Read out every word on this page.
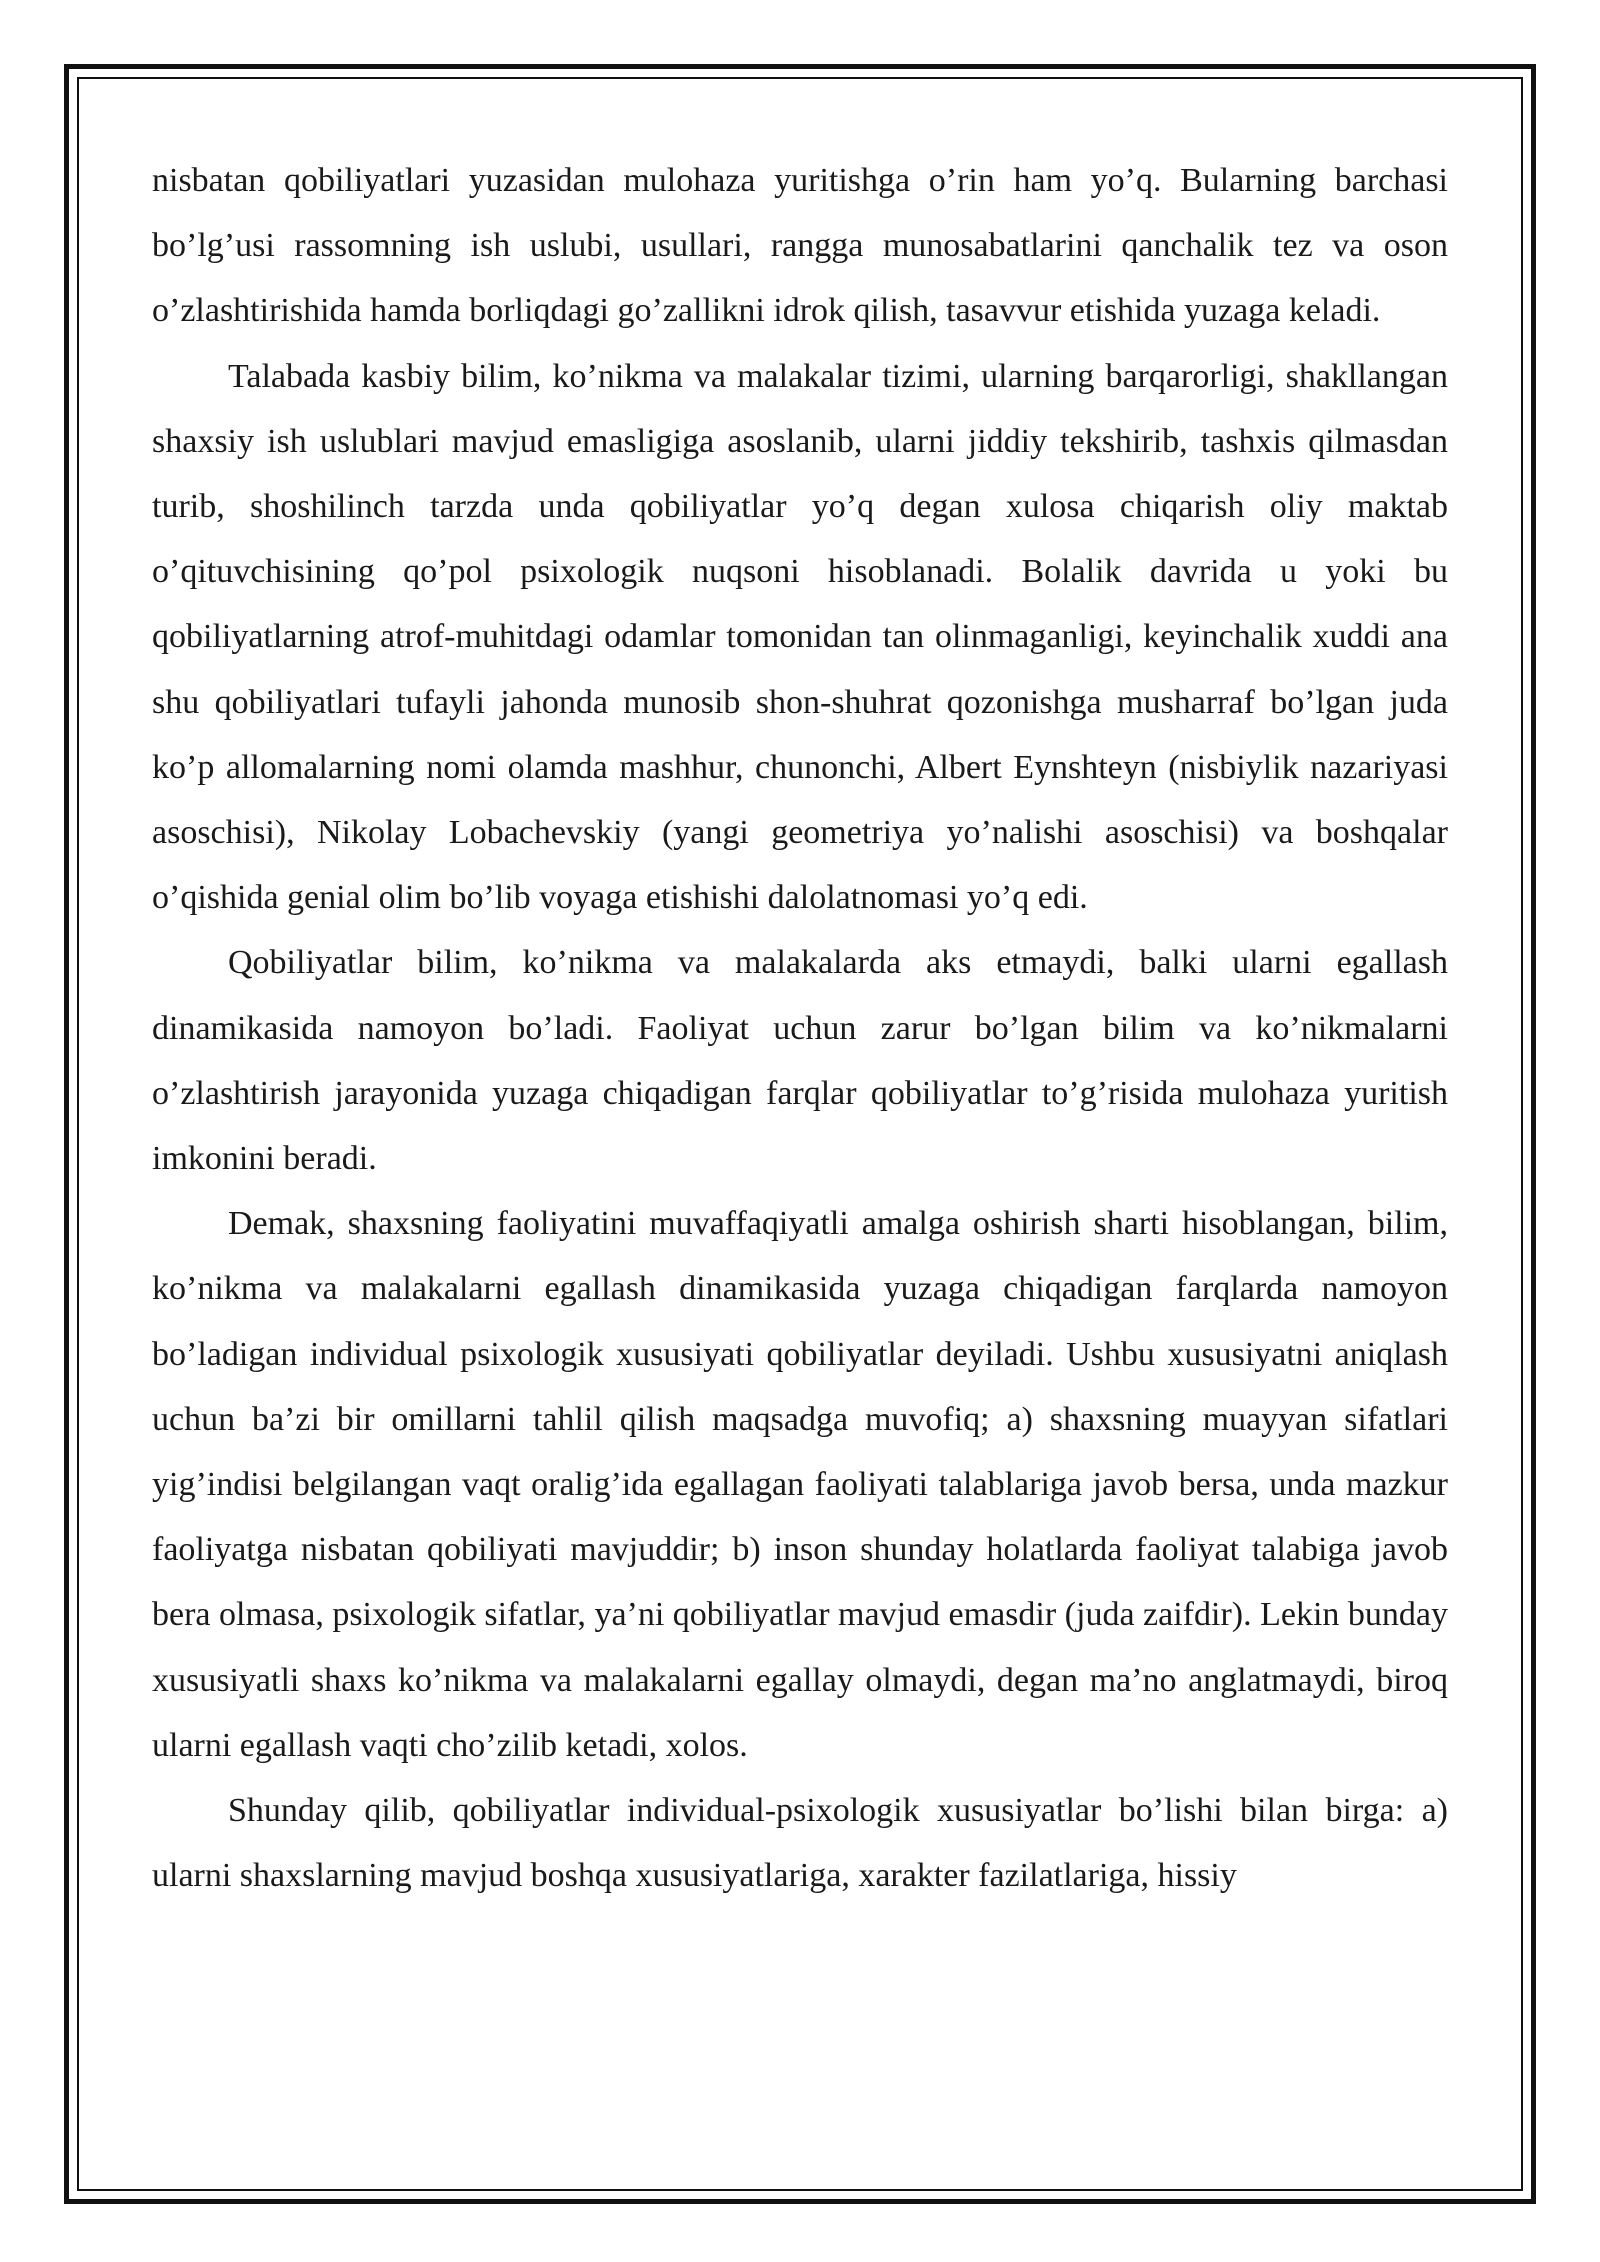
nisbatan qobiliyatlari yuzasidan mulohaza yuritishga o’rin ham yo’q. Bularning barchasi bo’lg’usi rassomning ish uslubi, usullari, rangga munosabatlarini qanchalik tez va oson o’zlashtirishida hamda borliqdagi go’zallikni idrok qilish, tasavvur etishida yuzaga keladi.

Talabada kasbiy bilim, ko’nikma va malakalar tizimi, ularning barqarorligi, shakllangan shaxsiy ish uslublari mavjud emasligiga asoslanib, ularni jiddiy tekshirib, tashxis qilmasdan turib, shoshilinch tarzda unda qobiliyatlar yo’q degan xulosa chiqarish oliy maktab o’qituvchisining qo’pol psixologik nuqsoni hisoblanadi. Bolalik davrida u yoki bu qobiliyatlarning atrof-muhitdagi odamlar tomonidan tan olinmaganligi, keyinchalik xuddi ana shu qobiliyatlari tufayli jahonda munosib shon-shuhrat qozonishga musharraf bo’lgan juda ko’p allomalarning nomi olamda mashhur, chunonchi, Albert Eynshteyn (nisbiylik nazariyasi asoschisi), Nikolay Lobachevskiy (yangi geometriya yo’nalishi asoschisi) va boshqalar o’qishida genial olim bo’lib voyaga etishishi dalolatnomasi yo’q edi.

Qobiliyatlar bilim, ko’nikma va malakalarda aks etmaydi, balki ularni egallash dinamikasida namoyon bo’ladi. Faoliyat uchun zarur bo’lgan bilim va ko’nikmalarni o’zlashtirish jarayonida yuzaga chiqadigan farqlar qobiliyatlar to’g’risida mulohaza yuritish imkonini beradi.

Demak, shaxsning faoliyatini muvaffaqiyatli amalga oshirish sharti hisoblangan, bilim, ko’nikma va malakalarni egallash dinamikasida yuzaga chiqadigan farqlarda namoyon bo’ladigan individual psixologik xususiyati qobiliyatlar deyiladi. Ushbu xususiyatni aniqlash uchun ba’zi bir omillarni tahlil qilish maqsadga muvofiq; a) shaxsning muayyan sifatlari yig’indisi belgilangan vaqt oralig’ida egallagan faoliyati talablariga javob bersa, unda mazkur faoliyatga nisbatan qobiliyati mavjuddir; b) inson shunday holatlarda faoliyat talabiga javob bera olmasa, psixologik sifatlar, ya’ni qobiliyatlar mavjud emasdir (juda zaifdir). Lekin bunday xususiyatli shaxs ko’nikma va malakalarni egallay olmaydi, degan ma’no anglatmaydi, biroq ularni egallash vaqti cho’zilib ketadi, xolos.

Shunday qilib, qobiliyatlar individual-psixologik xususiyatlar bo’lishi bilan birga: a) ularni shaxslarning mavjud boshqa xususiyatlariga, xarakter fazilatlariga, hissiy
